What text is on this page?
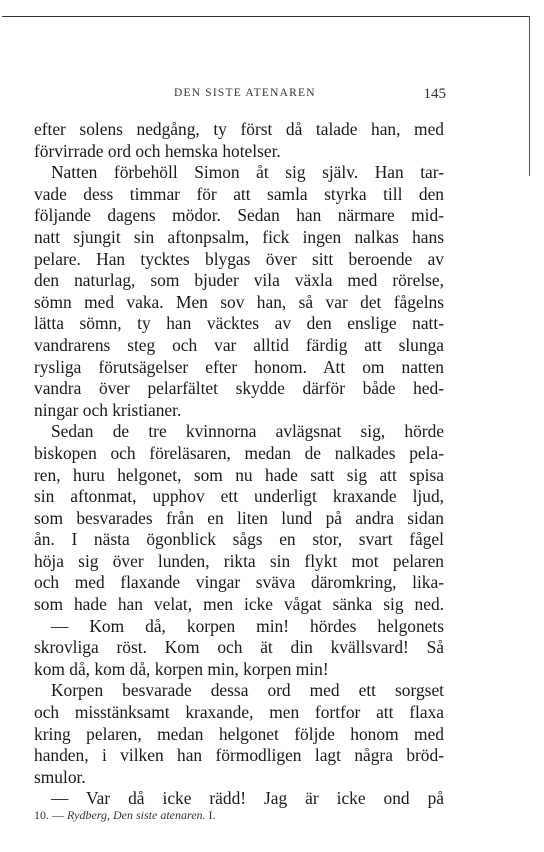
DEN SISTE ATENAREN	145
efter solens nedgång, ty först då talade han, med
förvirrade ord och hemska hotelser.
Natten förbehöll Simon åt sig själv. Han tar-
vade dess timmar för att samla styrka till den
följande dagens mödor. Sedan han närmare mid-
natt sjungit sin aftonpsalm, fick ingen nalkas hans
pelare. Han tycktes blygas över sitt beroende av
den naturlag, som bjuder vila växla med rörelse,
sömn med vaka. Men sov han, så var det fågelns
lätta sömn, ty han väcktes av den enslige natt-
vandrarens steg och var alltid färdig att slunga
rysliga förutsägelser efter honom. Att om natten
vandra över pelarfältet skydde därför både hed-
ningar och kristianer.
Sedan de tre kvinnorna avlägsnat sig, hörde
biskopen och föreläsaren, medan de nalkades pela-
ren, huru helgonet, som nu hade satt sig att spisa
sin aftonmat, upphov ett underligt kraxande ljud,
som besvarades från en liten lund på andra sidan
ån. I nästa ögonblick sågs en stor, svart fågel
höja sig över lunden, rikta sin flykt mot pelaren
och med flaxande vingar sväva däromkring, lika-
som hade han velat, men icke vågat sänka sig ned.
— Kom då, korpen min! hördes helgonets
skrovliga röst. Kom och ät din kvällsvard! Så
kom då, kom då, korpen min, korpen min!
Korpen besvarade dessa ord med ett sorgset
och misstänksamt kraxande, men fortfor att flaxa
kring pelaren, medan helgonet följde honom med
handen, i vilken han förmodligen lagt några bröd-
smulor.
— Var då icke rädd! Jag är icke ond på
10. — Rydberg, Den siste atenaren. I.
